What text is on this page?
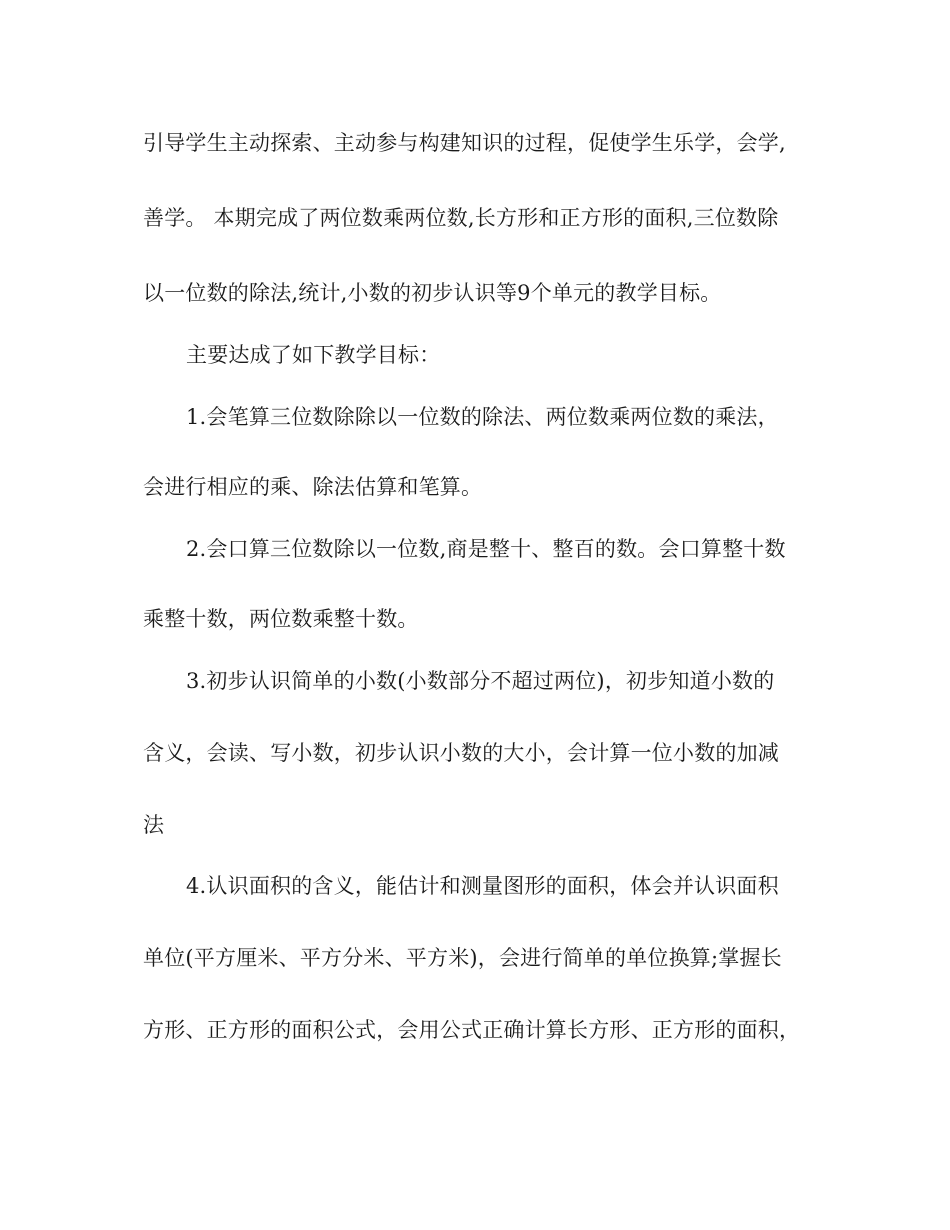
引导学生主动探索、主动参与构建知识的过程，促使学生乐学，会学,
善学。 本期完成了两位数乘两位数,长方形和正方形的面积,三位数除
以一位数的除法,统计,小数的初步认识等9个单元的教学目标。
主要达成了如下教学目标：
1.会笔算三位数除除以一位数的除法、两位数乘两位数的乘法，
会进行相应的乘、除法估算和笔算。
2.会口算三位数除以一位数,商是整十、整百的数。会口算整十数
乘整十数，两位数乘整十数。
3.初步认识简单的小数(小数部分不超过两位)，初步知道小数的
含义，会读、写小数，初步认识小数的大小，会计算一位小数的加减
法
4.认识面积的含义，能估计和测量图形的面积，体会并认识面积
单位(平方厘米、平方分米、平方米)，会进行简单的单位换算;掌握长
方形、正方形的面积公式，会用公式正确计算长方形、正方形的面积，
